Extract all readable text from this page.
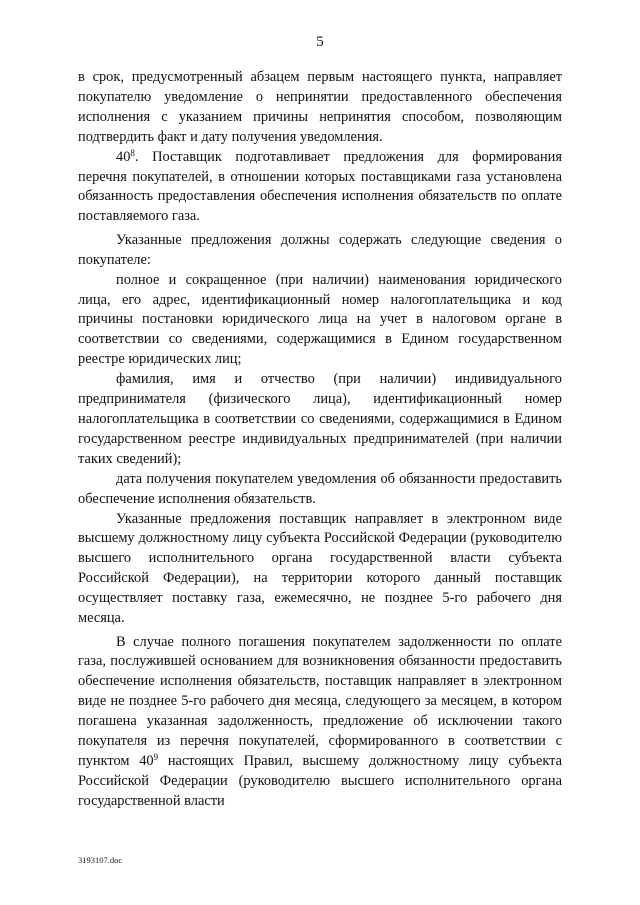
5

в срок, предусмотренный абзацем первым настоящего пункта, направляет покупателю уведомление о непринятии предоставленного обеспечения исполнения с указанием причины непринятия способом, позволяющим подтвердить факт и дату получения уведомления.

$40^8$. Поставщик подготавливает предложения для формирования перечня покупателей, в отношении которых поставщиками газа установлена обязанность предоставления обеспечения исполнения обязательств по оплате поставляемого газа.

Указанные предложения должны содержать следующие сведения о покупателе:

полное и сокращенное (при наличии) наименования юридического лица, его адрес, идентификационный номер налогоплательщика и код причины постановки юридического лица на учет в налоговом органе в соответствии со сведениями, содержащимися в Едином государственном реестре юридических лиц;

фамилия, имя и отчество (при наличии) индивидуального предпринимателя (физического лица), идентификационный номер налогоплательщика в соответствии со сведениями, содержащимися в Едином государственном реестре индивидуальных предпринимателей (при наличии таких сведений);

дата получения покупателем уведомления об обязанности предоставить обеспечение исполнения обязательств.

Указанные предложения поставщик направляет в электронном виде высшему должностному лицу субъекта Российской Федерации (руководителю высшего исполнительного органа государственной власти субъекта Российской Федерации), на территории которого данный поставщик осуществляет поставку газа, ежемесячно, не позднее 5-го рабочего дня месяца.

В случае полного погашения покупателем задолженности по оплате газа, послужившей основанием для возникновения обязанности предоставить обеспечение исполнения обязательств, поставщик направляет в электронном виде не позднее 5-го рабочего дня месяца, следующего за месяцем, в котором погашена указанная задолженность, предложение об исключении такого покупателя из перечня покупателей, сформированного в соответствии с пунктом $40^9$ настоящих Правил, высшему должностному лицу субъекта Российской Федерации (руководителю высшего исполнительного органа государственной власти

3193107.doc
